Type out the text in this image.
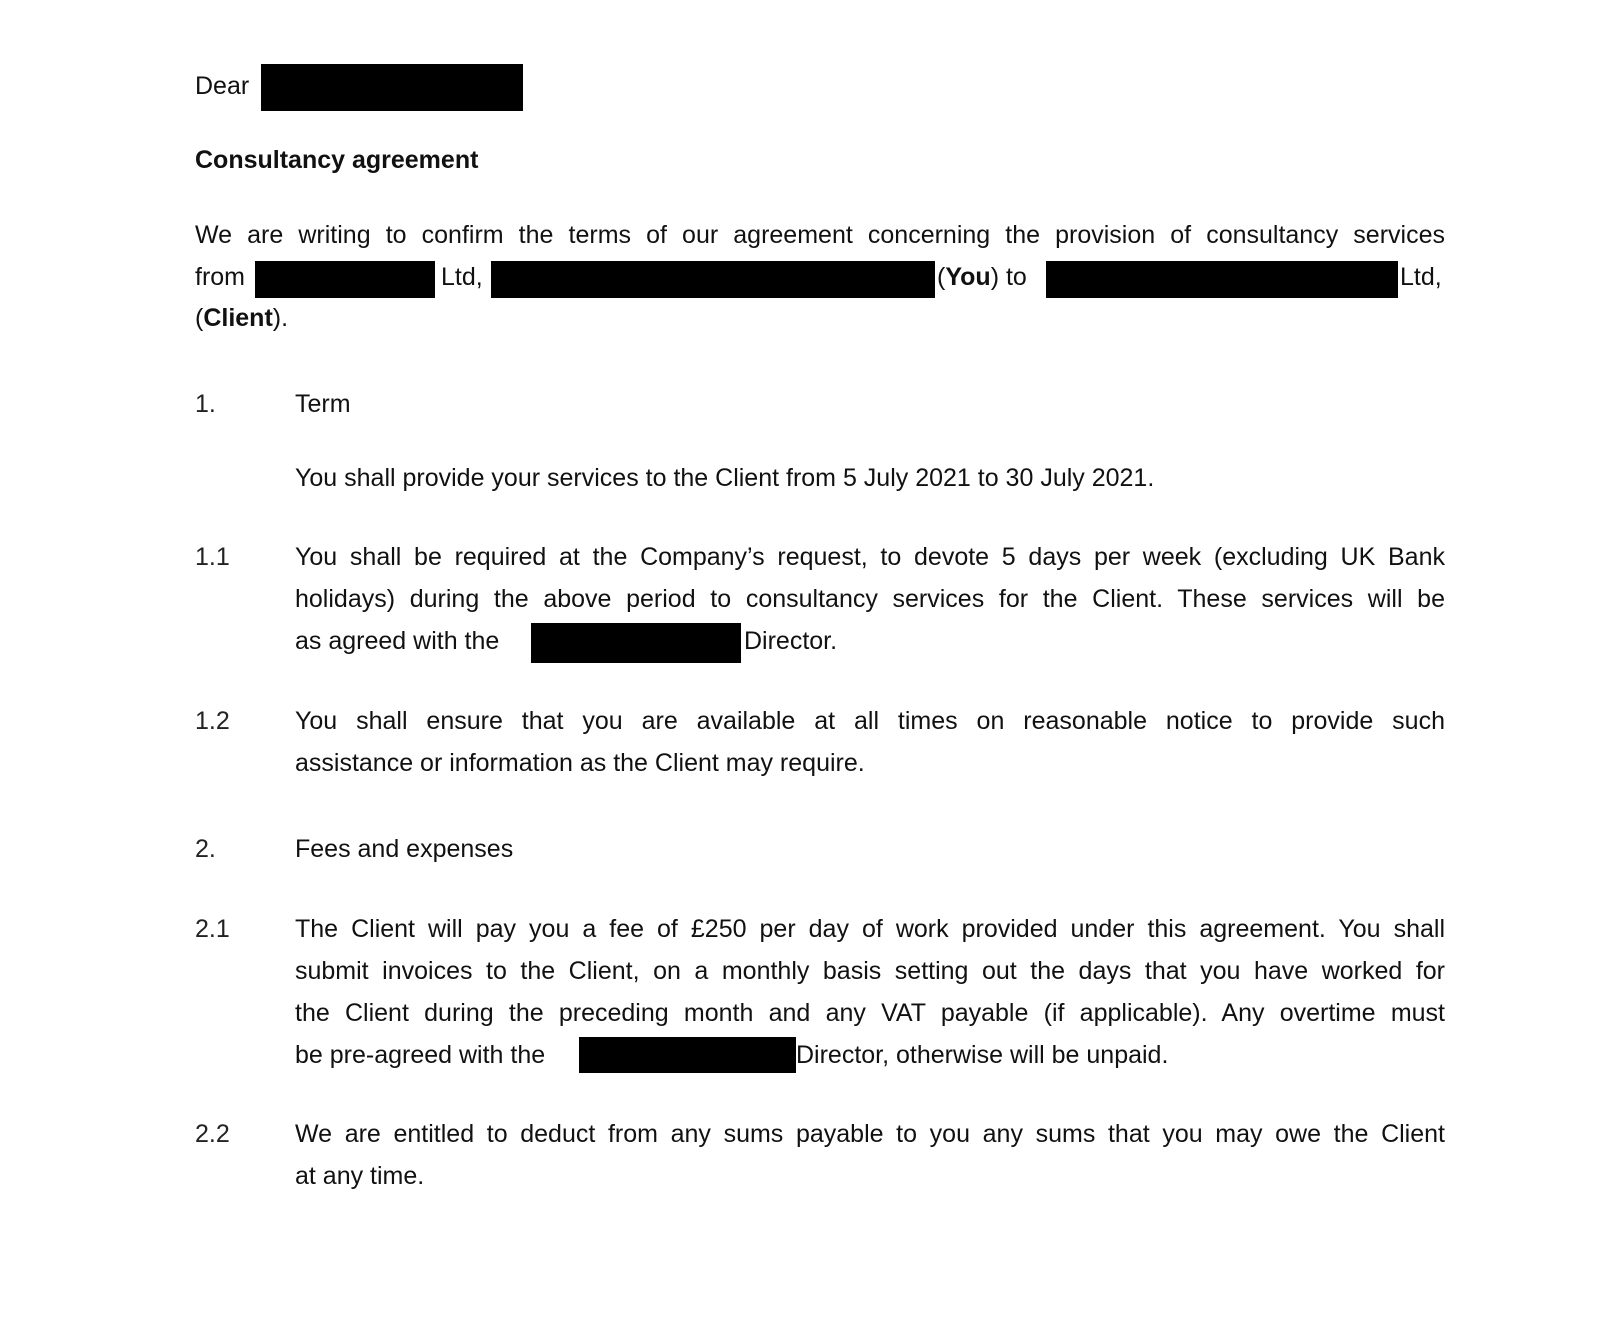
Dear
Consultancy agreement
We are writing to confirm the terms of our agreement concerning the provision of consultancy services
from	Ltd,	(You) to	Ltd,
(Client).
1.	Term
You shall provide your services to the Client from 5 July 2021 to 30 July 2021.
1.1	You shall be required at the Company’s request, to devote 5 days per week (excluding UK Bank
holidays) during the above period to consultancy services for the Client. These services will be
as agreed with the	Director.
1.2	You shall ensure that you are available at all times on reasonable notice to provide such
assistance or information as the Client may require.
2.	Fees and expenses
2.1	The Client will pay you a fee of £250 per day of work provided under this agreement. You shall
submit invoices to the Client, on a monthly basis setting out the days that you have worked for
the Client during the preceding month and any VAT payable (if applicable). Any overtime must
be pre-agreed with the	Director, otherwise will be unpaid.
2.2	We are entitled to deduct from any sums payable to you any sums that you may owe the Client
at any time.
